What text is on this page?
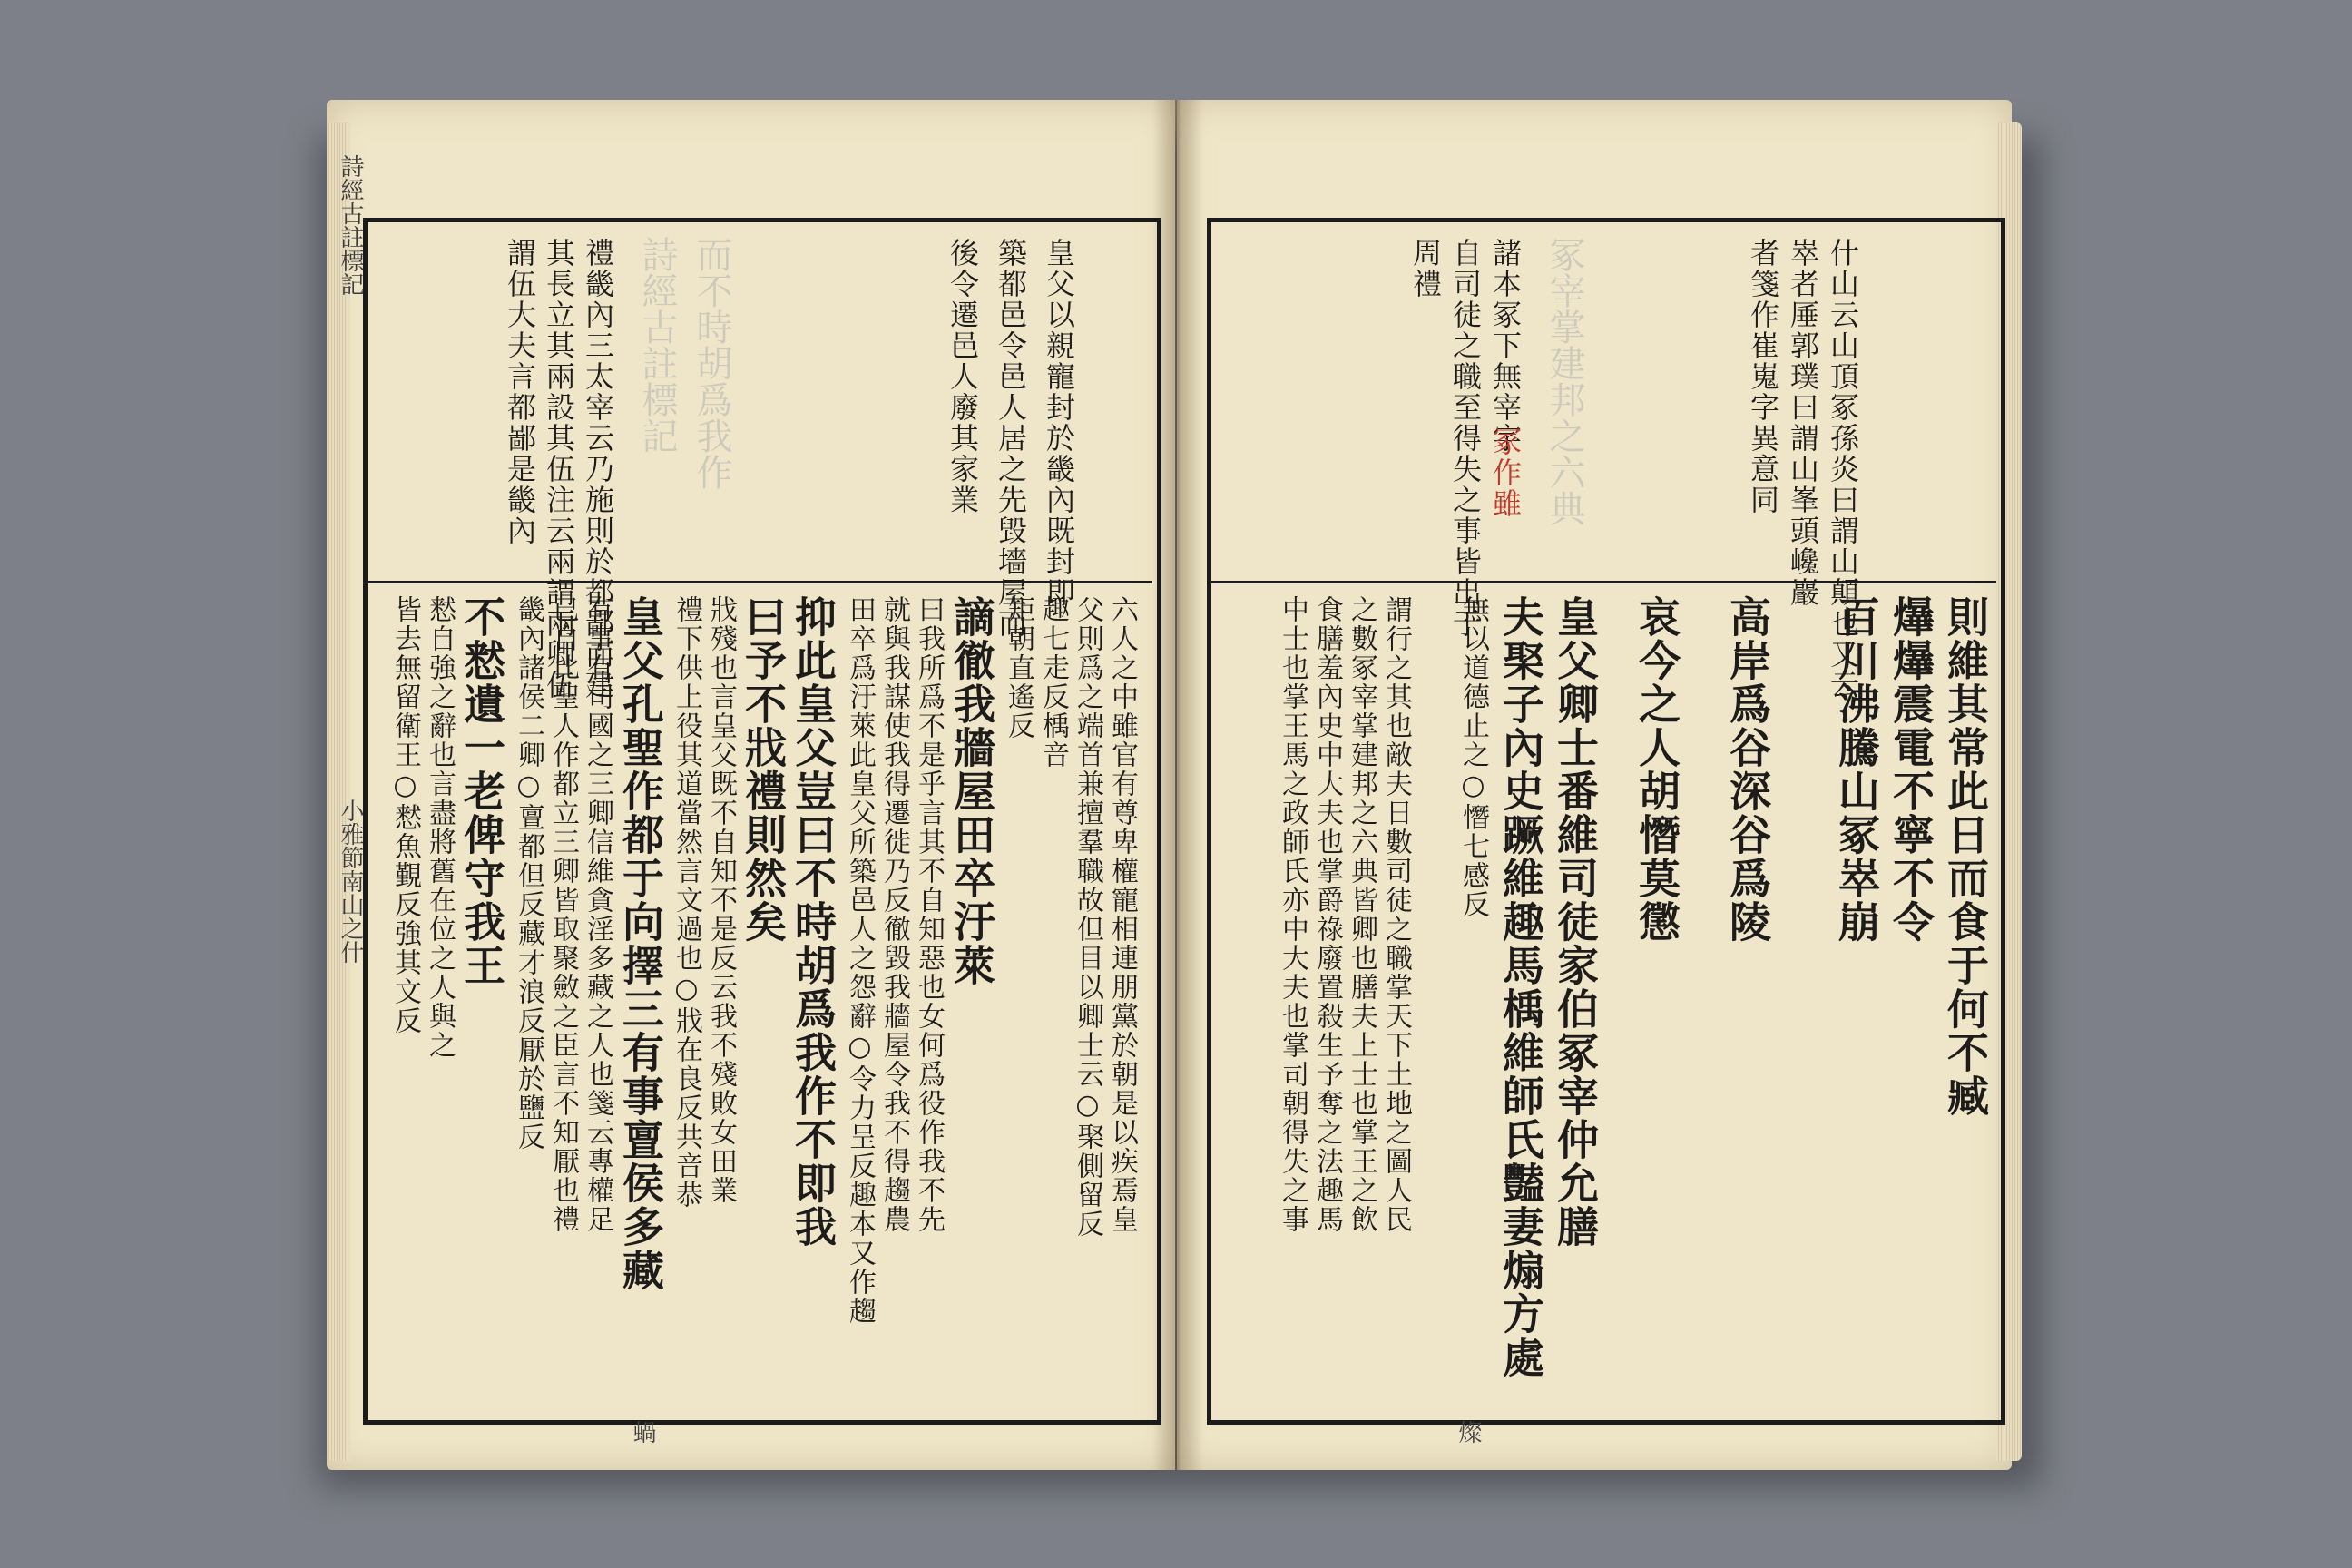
詩經古註標記 而不時胡爲我作	冢宰掌建邦之六典
詩經古註標記
小雅節南山之什
蝸	燦
皇父以親寵封於畿內既封即
築都邑令邑人居之先毀墻屋而
後令遷邑人廢其家業
禮畿內三太宰云乃施則於都鄙而建
其長立其兩設其伍注云兩謂兩卿伍
謂伍大夫言都鄙是畿內
六人之中雖官有尊卑權寵相連朋黨於朝是以疾焉皇
父則爲之端首兼擅羣職故但目以卿士云○棸側留反
趣七走反楀音
矩朝直遙反
謫徹我牆屋田卒汙萊
曰我所爲不是乎言其不自知惡也女何爲役作我不先
就與我謀使我得遷徙乃反徹毀我牆屋令我不得趨農
田卒爲汙萊此皇父所築邑人之怨辭○令力呈反趣本又作趨
抑此皇父豈曰不時胡爲我作不即我
曰予不戕禮則然矣
戕殘也言皇父既不自知不是反云我不殘敗女田業
禮下供上役其道當然言文過也○戕在良反共音恭
皇父孔聖作都于向擇三有事亶侯多藏
有事有司國之三卿信維貪淫多藏之人也箋云專權足
已自比聖人作都立三卿皆取聚斂之臣言不知厭也禮
畿內諸侯二卿○亶都但反藏才浪反厭於鹽反
不慭遺一老俾守我王
慭自強之辭也言盡將舊在位之人與之
皆去無留衛王○慭魚覲反強其文反
什山云山頂冢孫炎曰謂山顛也又云
崒者厜郭璞曰謂山峯頭巉巖
者箋作崔嵬字異意同
諸本冢下無宰字
自司徒之職至得失之事皆出于
周禮
冢作雖
則維其常此日而食于何不臧
爗爗震電不寧不令
百川沸騰山冢崒崩
高岸爲谷深谷爲陵
哀今之人胡憯莫懲
皇父卿士番維司徒家伯冢宰仲允膳
夫棸子內史蹶維趣馬楀維師氏豔妻煽方處
無以道德止之○憯七感反
謂行之其也敵夫日數司徒之職掌天下土地之圖人民
之數冢宰掌建邦之六典皆卿也膳夫上士也掌王之飲
食膳羞內史中大夫也掌爵祿廢置殺生予奪之法趣馬
中士也掌王馬之政師氏亦中大夫也掌司朝得失之事
